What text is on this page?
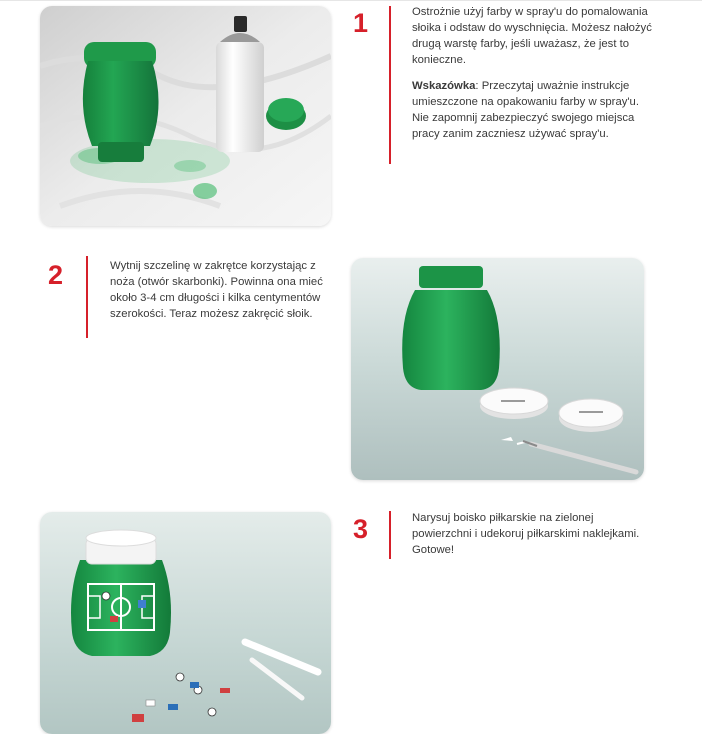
1	Ostrożnie użyj farby w spray'u do pomalowania słoika i odstaw do wyschnięcia. Możesz nałożyć drugą warstę farby, jeśli uważasz, że jest to konieczne.

Wskazówka: Przeczytaj uważnie instrukcje umieszczone na opakowaniu farby w spray'u. Nie zapomnij zabezpieczyć swojego miejsca pracy zanim zaczniesz używać spray'u.

2	Wytnij szczelinę w zakrętce korzystając z noża (otwór skarbonki). Powinna ona mieć około 3-4 cm długości i kilka centymentów szerokości. Teraz możesz zakręcić słoik.

3	Narysuj boisko piłkarskie na zielonej powierzchni i udekoruj piłkarskimi naklejkami. Gotowe!
